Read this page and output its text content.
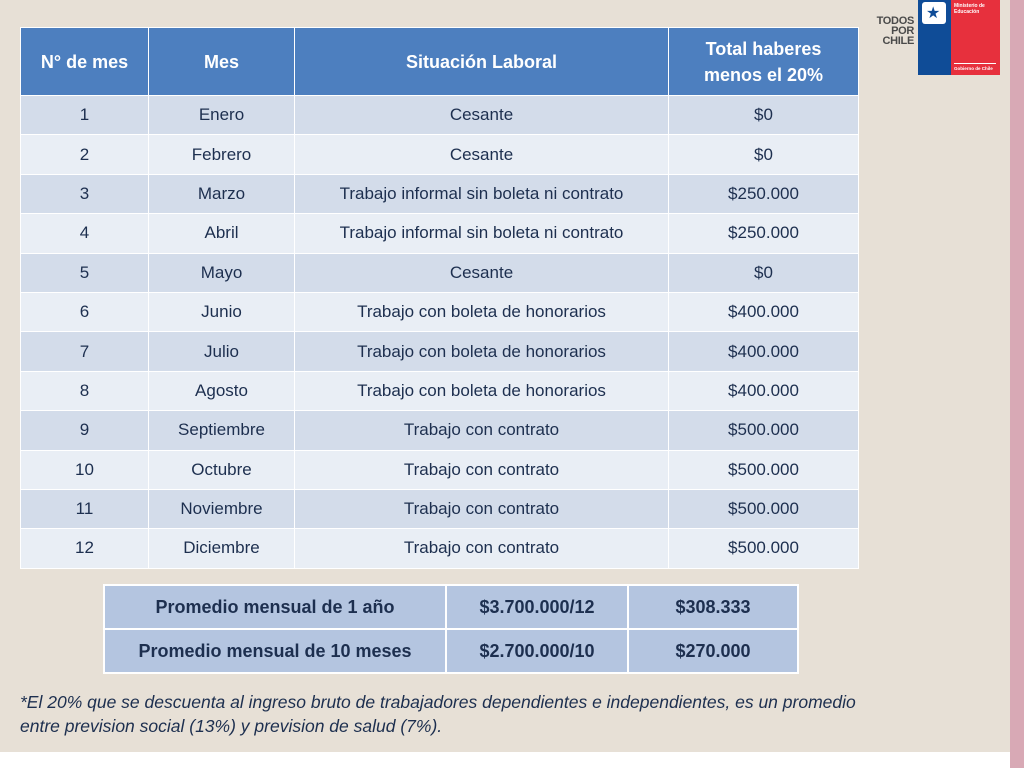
N° de mes	Mes	Situación Laboral	Total haberes
menos el 20%
1	Enero	Cesante	$0
2	Febrero	Cesante	$0
3	Marzo	Trabajo informal sin boleta ni contrato	$250.000
4	Abril	Trabajo informal sin boleta ni contrato	$250.000
5	Mayo	Cesante	$0
6	Junio	Trabajo con boleta de honorarios	$400.000
7	Julio	Trabajo con boleta de honorarios	$400.000
8	Agosto	Trabajo con boleta de honorarios	$400.000
9	Septiembre	Trabajo con contrato	$500.000
10	Octubre	Trabajo con contrato	$500.000
11	Noviembre	Trabajo con contrato	$500.000
12	Diciembre	Trabajo con contrato	$500.000
Promedio mensual de 1 año	$3.700.000/12	$308.333
Promedio mensual de 10 meses	$2.700.000/10	$270.000
*El 20% que se descuenta al ingreso bruto de trabajadores dependientes e independientes, es un promedio
entre prevision social (13%) y prevision de salud (7%).
TODOS
POR
CHILE
★
Ministerio de Educación
Gobierno de Chile
